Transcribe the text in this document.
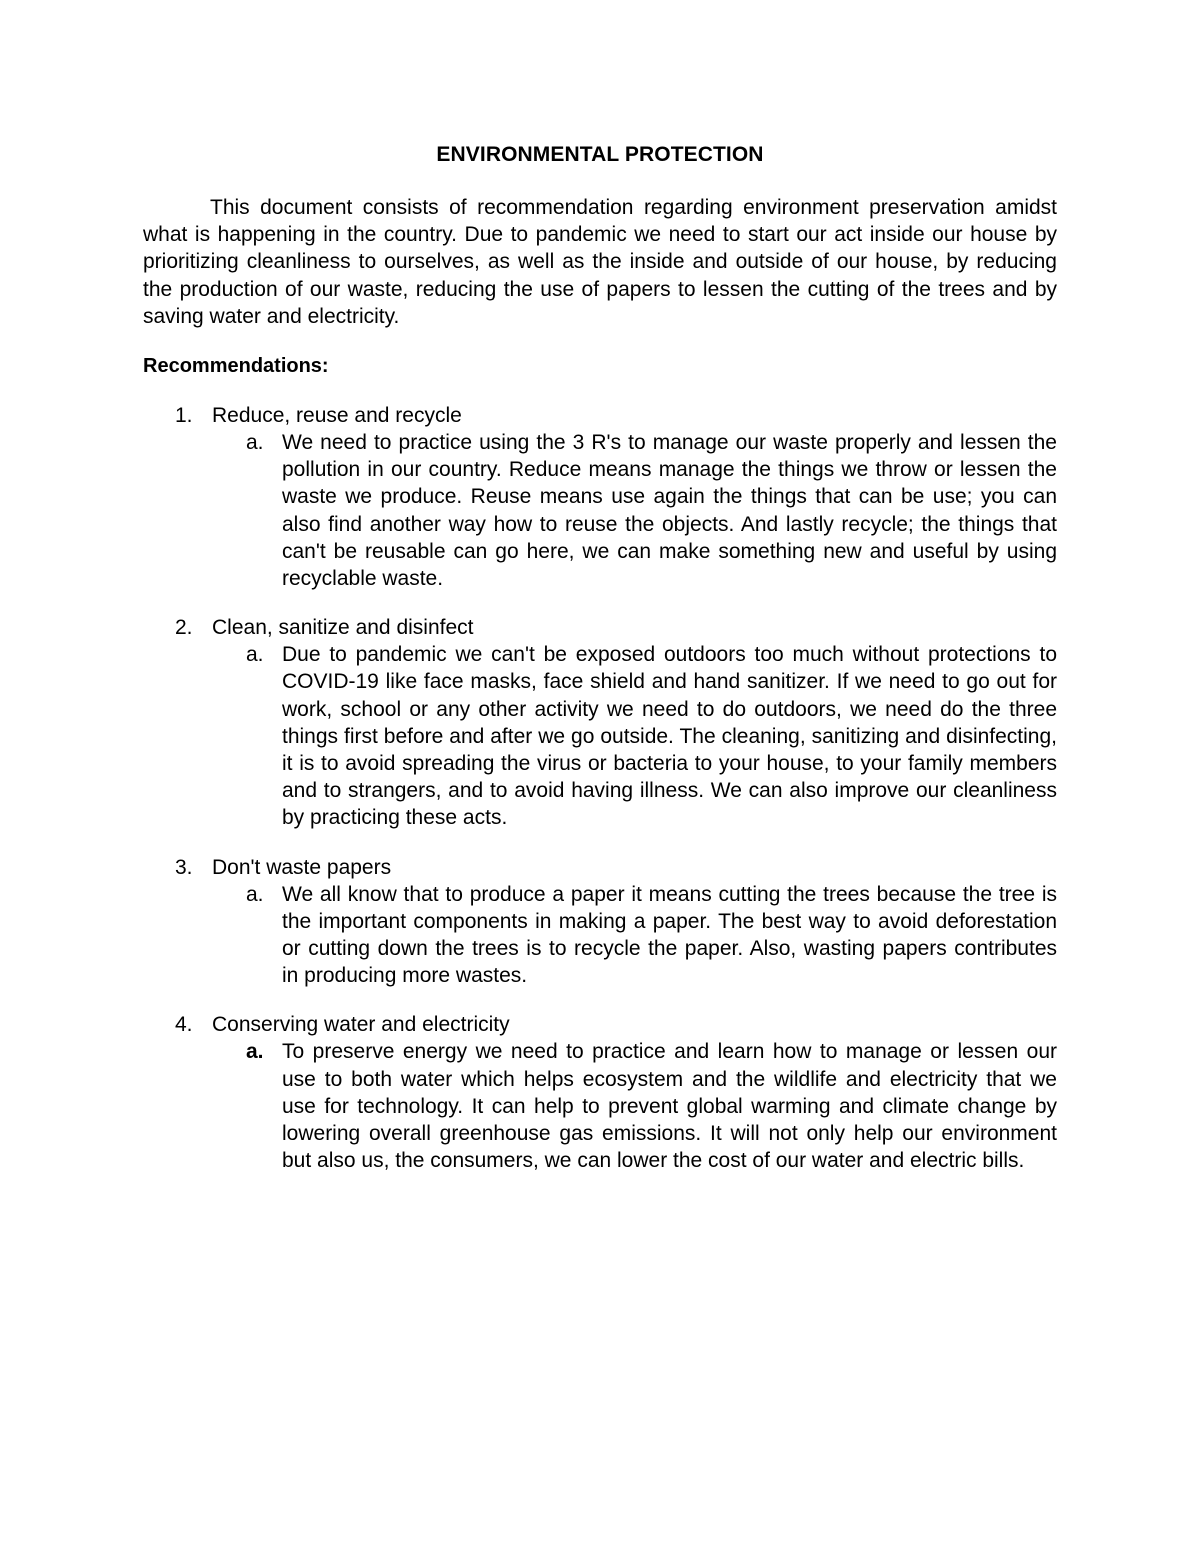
ENVIRONMENTAL PROTECTION

This document consists of recommendation regarding environment preservation amidst what is happening in the country. Due to pandemic we need to start our act inside our house by prioritizing cleanliness to ourselves, as well as the inside and outside of our house, by reducing the production of our waste, reducing the use of papers to lessen the cutting of the trees and by saving water and electricity.

Recommendations:
1. Reduce, reuse and recycle
a. We need to practice using the 3 R's to manage our waste properly and lessen the pollution in our country. Reduce means manage the things we throw or lessen the waste we produce. Reuse means use again the things that can be use; you can also find another way how to reuse the objects. And lastly recycle; the things that can't be reusable can go here, we can make something new and useful by using recyclable waste.
2. Clean, sanitize and disinfect
a. Due to pandemic we can't be exposed outdoors too much without protections to COVID-19 like face masks, face shield and hand sanitizer. If we need to go out for work, school or any other activity we need to do outdoors, we need do the three things first before and after we go outside. The cleaning, sanitizing and disinfecting, it is to avoid spreading the virus or bacteria to your house, to your family members and to strangers, and to avoid having illness. We can also improve our cleanliness by practicing these acts.
3. Don't waste papers
a. We all know that to produce a paper it means cutting the trees because the tree is the important components in making a paper. The best way to avoid deforestation or cutting down the trees is to recycle the paper. Also, wasting papers contributes in producing more wastes.
4. Conserving water and electricity
a. To preserve energy we need to practice and learn how to manage or lessen our use to both water which helps ecosystem and the wildlife and electricity that we use for technology. It can help to prevent global warming and climate change by lowering overall greenhouse gas emissions. It will not only help our environment but also us, the consumers, we can lower the cost of our water and electric bills.
